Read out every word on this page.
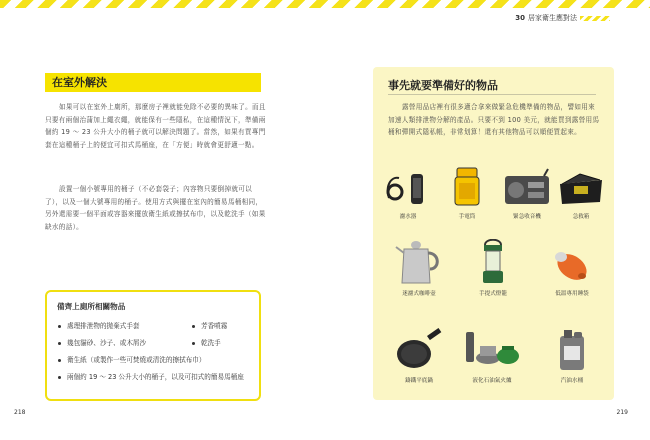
30 居家衛生應對法
在室外解決

如果可以在室外上廁所，那麼房子裡就能免除不必要的異味了。而且只要有兩個治蒲加上繩衣繩，就能保有一些隱私，在這種情況下，準備兩個約 19 ～ 23 公升大小的桶子就可以解決問題了。當然，如果有買專門套在這種桶子上的便宜可扣式馬桶座，在「方便」時就會更舒適一點。

設置一個小號專用的桶子（不必套袋子；內容物只要倒掉就可以了），以及一個大號專用的桶子。使用方式與擺在室內的簡易馬桶相同，另外還需要一個平面或容器來擺放衛生紙或擦拭布巾，以及乾洗手（如果缺水的話）。

備齊上廁所相關物品
處理排泄物的拋棄式手套	芳香噴霧
幾包貓砂、沙子、或木屑沙	乾洗手
衛生紙（或製作一些可焚燒或清洗的擦拭布巾）
兩個約 19 ～ 23 公升大小的桶子，以及可扣式的簡易馬桶座
218
事先就要準備好的物品

露營用品店裡有很多適合拿來做緊急危機準備的物品，譬如用來加速人類排泄物分解的產品。只要不到 100 美元，就能買到露營用馬桶和彈開式隱私帳，非常划算！還有其他物品可以順便買起來。

濾水器	手電筒	緊急收音機	急救箱
迷濾式咖啡壺	手提式燈籠	低溫專用睡袋
鑄鐵平底鍋	液化石油氣火爐	汽油水桶
219
